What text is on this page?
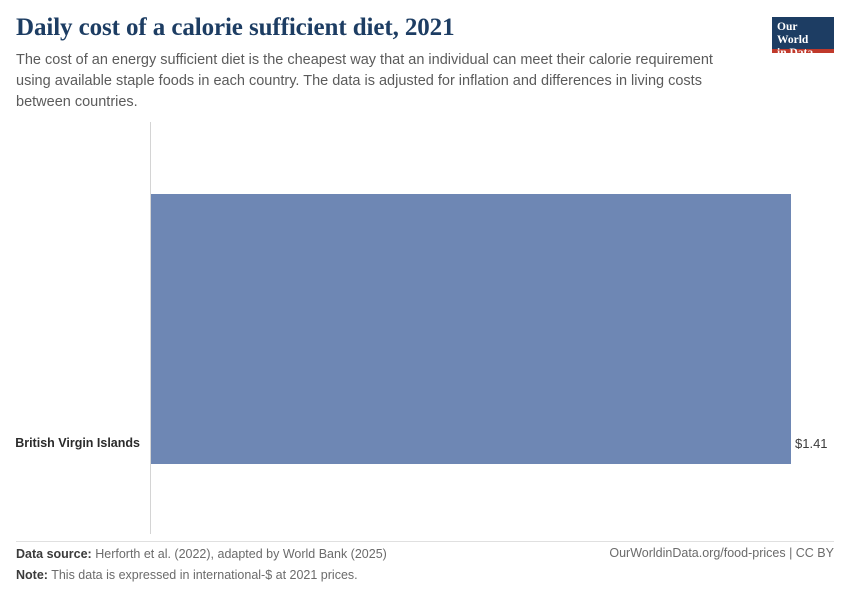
Daily cost of a calorie sufficient diet, 2021

The cost of an energy sufficient diet is the cheapest way that an individual can meet their calorie requirement using available staple foods in each country. The data is adjusted for inflation and differences in living costs between countries.

Our World
in Data
British Virgin Islands	$1.41
Data source: Herforth et al. (2022), adapted by World Bank (2025)
Note: This data is expressed in international-$ at 2021 prices.
OurWorldinData.org/food-prices | CC BY
